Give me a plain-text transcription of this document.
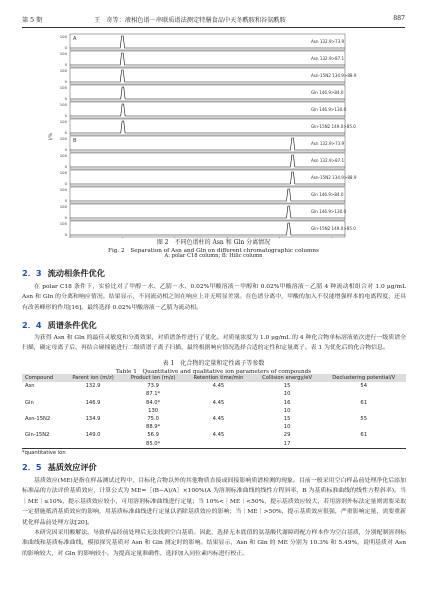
第 5 期	王　奇等：液相色谱－串联质谱法测定特膳食品中天冬酰胺和谷氨酰胺	887
100
0
Asn 132.9>73.9
A
100
0
Asn 132.9>87.1
100
0
Asn-15N2 134.9>88.9
100
0
Gln 146.9>84.0
100
0
Gln 146.9>130.0
100
0
Gln-15N2 149.0>85.0
100
0
Asn 132.9>73.9
B
100
0
Asn 132.9>87.1
100
0
Asn-15N2 134.9>88.9
100
0
Gln 146.9>84.0
100
0
Gln 146.9>130.0
100
0
Gln-15N2 149.0>85.0
I/%
图 2　不同色谱柱的 Asn 和 Gln 分离情况
Fig. 2　Separation of Asn and Gln on different chromatographic columns
A: polar C18 column; B: Hilic column
2．3 流动相条件优化

在 polar C18 条件下，实验比对了甲醇－水、乙腈－水、0.02%甲酸溶液－甲醇和 0.02%甲酸溶液－乙腈 4 种流动相组合对 1.0 μg/mL Asn 和 Gln 的分离和响应情况。结果显示，不同流动相之间在响应上并无明显差别。在色谱分离中，甲酸的加入不仅能增强样本的电离程度，还具有改善峰形的作用[16]。最终选择 0.02%甲酸溶液－乙腈为流动相。

2．4 质谱条件优化

为获得 Asn 和 Gln 的最佳灵敏度和分离效果，对质谱条件进行了优化。对质量浓度为 1.0 μg/mL 的 4 种化合物单标溶液依次进行一级质谱全扫描，确定母离子后，再结合碰撞能进行二级质谱子离子扫描，最终根据响应情况选择合适的定性和定量离子。表 1 为优化后的化合物信息。

表 1　化合物的定量和定性离子等参数
Table 1　Quantitative and qualitative ion parameters of compounds
Compound	Parent ion (m/z)	Product ion (m/z)	Retention time/min	Collision energy/eV	Declustering potential/V
Asn	132.9	73.9	4.45	15	54
		87.1*		10	
Gln	146.9	84.0*	4.45	16	61
		130		10	
Asn-15N2	134.9	75.0	4.45	15	55
		88.9*		10	
Gln-15N2	149.0	56.9	4.45	29	61
		85.0*		17	
*quantitative ion
2．5 基质效应评价

基质效应(ME)是指在样品测试过程中，目标化合物以外的其他物质直接或间接影响质谱检测的现象。目前一般采用空白样品前处理净化后添加标准品的方法评价基质效应，计算公式为 ME=［(B−A)/A］×100%(A 为溶剂标准曲线的线性方程斜率，B 为基质标准曲线的线性方程斜率)。当｜ME｜≤10%，提示基质效应较小，可用溶剂标准曲线进行定量；当 10%<｜ME｜<50%，提示基质效应较大，若用溶剂外标法定量则需要采取一定措施抵消基质效应的影响，用基质标准曲线进行定量以消除基质效应的影响；当｜ME｜>50%，提示基质效应很强，严重影响定量，需要重新优化样品前处理方法[20]。

本研究因采用酸解法，导致样品经前处理后无法找到空白基质。因此，选择无本底值的氨基酸代谢障碍配方样本作为空白基质，分别配制溶剂标准曲线和基质标准曲线，模拟探究基质对 Asn 和 Gln 测定时的影响。结果显示，Asn 和 Gln 的 ME 分别为 10.3% 和 5.49%，说明基质对 Asn 的影响较大，对 Gln 的影响较小。为提高定量准确性，选择加入同位素内标进行校正。
